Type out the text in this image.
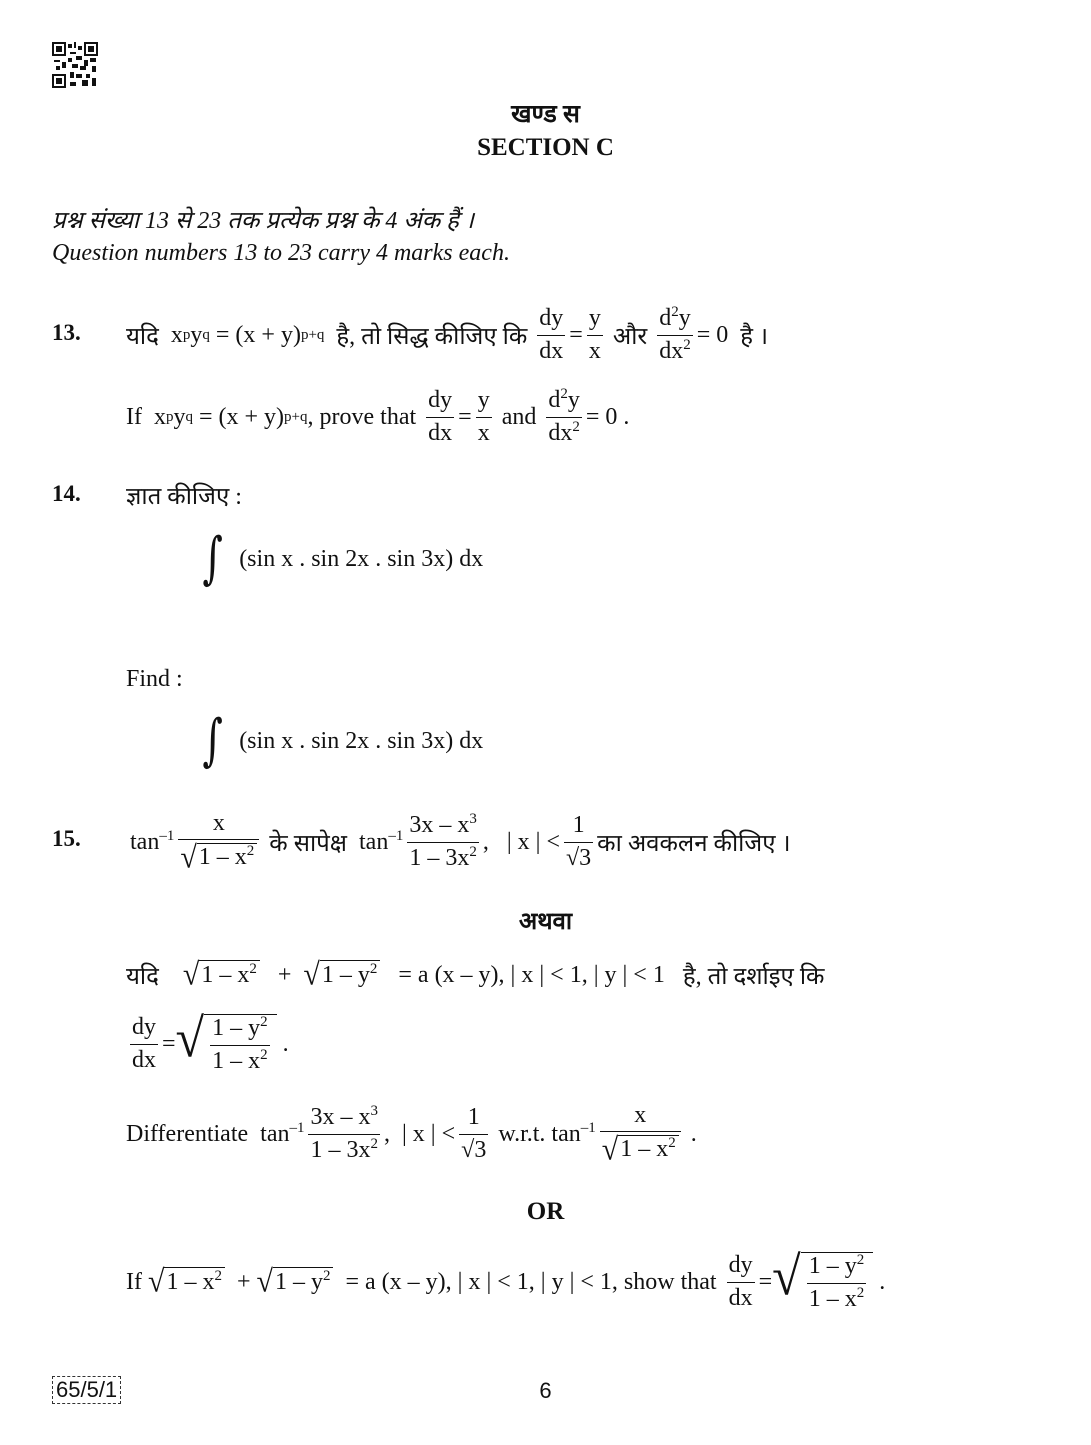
खण्ड स
SECTION C
प्रश्न संख्या 13 से 23 तक प्रत्येक प्रश्न के 4 अंक हैं ।
Question numbers 13 to 23 carry 4 marks each.
13. यदि
x p y q = (x + y) p+q
है, तो सिद्ध कीजिए कि
$\frac{dy}{dx} = \frac{y}{x}$
और
$\frac{d^2y}{dx^2} = 0$
है ।
If
x p y q = (x + y) p+q , prove that
$\frac{dy}{dx} = \frac{y}{x}$
and
$\frac{d^2y}{dx^2} = 0$ .
14. ज्ञात कीजिए :
∫
(sin x . sin 2x . sin 3x) dx
Find :
∫
(sin x . sin 2x . sin 3x) dx
15. $\tan^{-1} \frac{x}{√ 1 - x^2}$
के सापेक्ष
$\tan^{-1} \frac{3x - x^3}{1 - 3x^2}$ , | x | < $\frac{1}{√3}$ का अवकलन कीजिए ।
अथवा
यदि
√ $1 - x^2$ + √ $1 - y^2$
= a (x – y), | x | < 1, | y | < 1
है, तो दर्शाइए कि
$\frac{dy}{dx}$ = √ $\frac{1 - y^2}{1 - x^2}$ .
Differentiate
$\tan^{-1} \frac{3x - x^3}{1 - 3x^2}$ , | x | < $\frac{1}{√3}$
w.r.t.
$\tan^{-1} \frac{x}{√ 1 - x^2}$ .
OR
If
√ $1 - x^2$ + √ $1 - y^2$
= a (x – y), | x | < 1, | y | < 1, show that
$\frac{dy}{dx}$ = √ $\frac{1 - y^2}{1 - x^2}$ .
65/5/1	6
